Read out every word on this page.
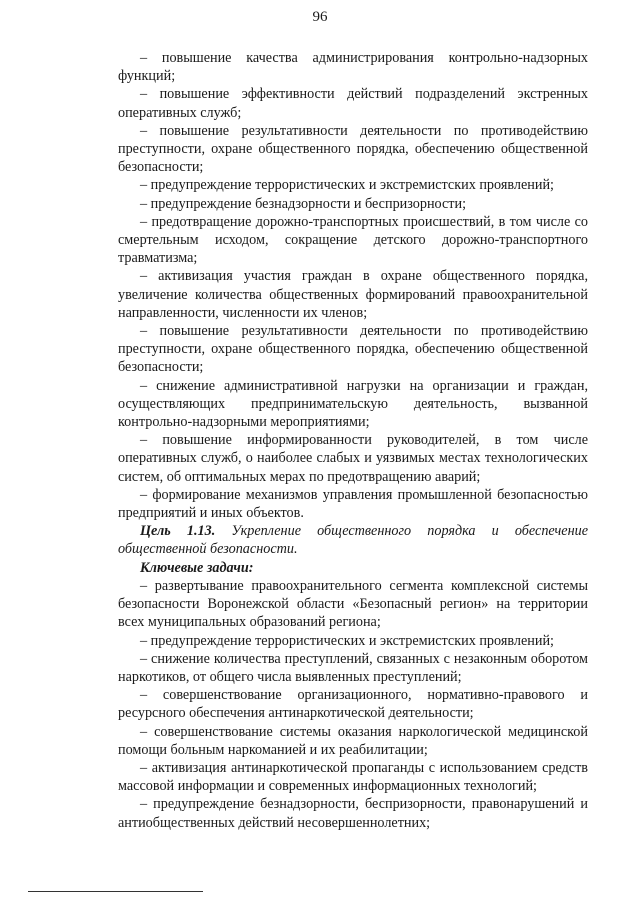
96

– повышение качества администрирования контрольно-надзорных функций;

– повышение эффективности действий подразделений экстренных оперативных служб;

– повышение результативности деятельности по противодействию преступности, охране общественного порядка, обеспечению общественной безопасности;

– предупреждение террористических и экстремистских проявлений;

– предупреждение безнадзорности и беспризорности;

– предотвращение дорожно-транспортных происшествий, в том числе со смертельным исходом, сокращение детского дорожно-транспортного травматизма;

– активизация участия граждан в охране общественного порядка, увеличение количества общественных формирований правоохранительной направленности, численности их членов;

– повышение результативности деятельности по противодействию преступности, охране общественного порядка, обеспечению общественной безопасности;

– снижение административной нагрузки на организации и граждан, осуществляющих предпринимательскую деятельность, вызванной контрольно-надзорными мероприятиями;

– повышение информированности руководителей, в том числе оперативных служб, о наиболее слабых и уязвимых местах технологических систем, об оптимальных мерах по предотвращению аварий;

– формирование механизмов управления промышленной безопасностью предприятий и иных объектов.

Цель 1.13. Укрепление общественного порядка и обеспечение общественной безопасности.

Ключевые задачи:

– развертывание правоохранительного сегмента комплексной системы безопасности Воронежской области «Безопасный регион» на территории всех муниципальных образований региона;

– предупреждение террористических и экстремистских проявлений;

– снижение количества преступлений, связанных с незаконным оборотом наркотиков, от общего числа выявленных преступлений;

– совершенствование организационного, нормативно-правового и ресурсного обеспечения антинаркотической деятельности;

– совершенствование системы оказания наркологической медицинской помощи больным наркоманией и их реабилитации;

– активизация антинаркотической пропаганды с использованием средств массовой информации и современных информационных технологий;

– предупреждение безнадзорности, беспризорности, правонарушений и антиобщественных действий несовершеннолетних;
